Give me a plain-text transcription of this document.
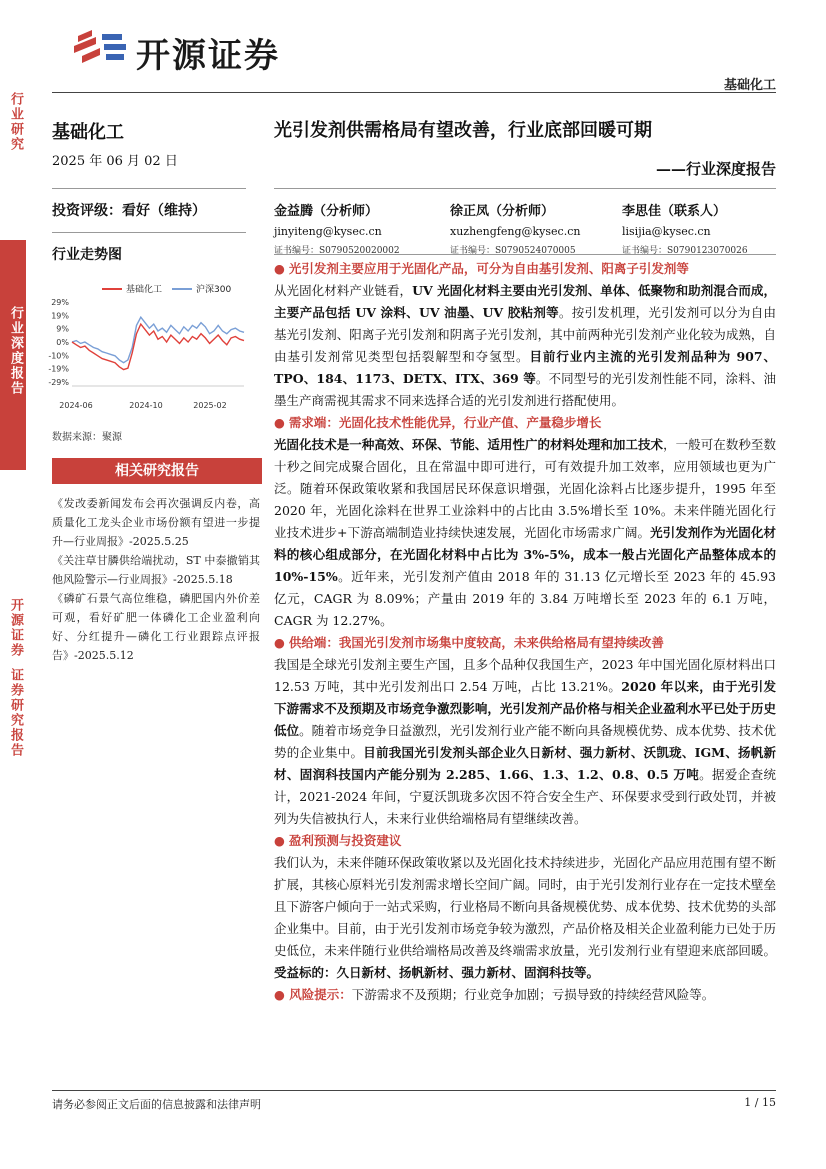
开源证券
基础化工
行业研究
行业深度报告
开源证券
证券研究报告
基础化工
2025 年 06 月 02 日
投资评级：看好（维持）
行业走势图
基础化工	沪深300
29%
19%
9%
0%
-10%
-19%
-29%
2024-06	2024-10	2025-02
数据来源：聚源
相关研究报告
《发改委新闻发布会再次强调反内卷，高质量化工龙头企业市场份额有望进一步提升—行业周报》-2025.5.25
《关注草甘膦供给端扰动，ST 中泰撤销其他风险警示—行业周报》-2025.5.18
《磷矿石景气高位维稳，磷肥国内外价差可观，看好矿肥一体磷化工企业盈利向好、分红提升—磷化工行业跟踪点评报告》-2025.5.12
光引发剂供需格局有望改善，行业底部回暖可期
——行业深度报告
金益腾（分析师）
jinyiteng@kysec.cn
证书编号：S0790520020002
徐正凤（分析师）
xuzhengfeng@kysec.cn
证书编号：S0790524070005
李思佳（联系人）
lisijia@kysec.cn
证书编号：S0790123070026

● 光引发剂主要应用于光固化产品，可分为自由基引发剂、阳离子引发剂等

从光固化材料产业链看，UV 光固化材料主要由光引发剂、单体、低聚物和助剂混合而成，主要产品包括 UV 涂料、UV 油墨、UV 胶粘剂等。按引发机理，光引发剂可以分为自由基光引发剂、阳离子光引发剂和阴离子光引发剂，其中前两种光引发剂产业化较为成熟，自由基引发剂常见类型包括裂解型和夺氢型。目前行业内主流的光引发剂品种为 907、TPO、184、1173、DETX、ITX、369 等。不同型号的光引发剂性能不同，涂料、油墨生产商需视其需求不同来选择合适的光引发剂进行搭配使用。

● 需求端：光固化技术性能优异，行业产值、产量稳步增长

光固化技术是一种高效、环保、节能、适用性广的材料处理和加工技术，一般可在数秒至数十秒之间完成聚合固化，且在常温中即可进行，可有效提升加工效率，应用领域也更为广泛。随着环保政策收紧和我国居民环保意识增强，光固化涂料占比逐步提升，1995 年至 2020 年，光固化涂料在世界工业涂料中的占比由 3.5%增长至 10%。未来伴随光固化行业技术进步+下游高端制造业持续快速发展，光固化市场需求广阔。光引发剂作为光固化材料的核心组成部分，在光固化材料中占比为 3%-5%，成本一般占光固化产品整体成本的 10%-15%。近年来，光引发剂产值由 2018 年的 31.13 亿元增长至 2023 年的 45.93 亿元，CAGR 为 8.09%；产量由 2019 年的 3.84 万吨增长至 2023 年的 6.1 万吨，CAGR 为 12.27%。

● 供给端：我国光引发剂市场集中度较高，未来供给格局有望持续改善

我国是全球光引发剂主要生产国，且多个品种仅我国生产，2023 年中国光固化原材料出口 12.53 万吨，其中光引发剂出口 2.54 万吨，占比 13.21%。2020 年以来，由于光引发下游需求不及预期及市场竞争激烈影响，光引发剂产品价格与相关企业盈利水平已处于历史低位。随着市场竞争日益激烈，光引发剂行业产能不断向具备规模优势、成本优势、技术优势的企业集中。目前我国光引发剂头部企业久日新材、强力新材、沃凯珑、IGM、扬帆新材、固润科技国内产能分别为 2.285、1.66、1.3、1.2、0.8、0.5 万吨。据爱企查统计，2021-2024 年间，宁夏沃凯珑多次因不符合安全生产、环保要求受到行政处罚，并被列为失信被执行人，未来行业供给端格局有望继续改善。

● 盈利预测与投资建议

我们认为，未来伴随环保政策收紧以及光固化技术持续进步，光固化产品应用范围有望不断扩展，其核心原料光引发剂需求增长空间广阔。同时，由于光引发剂行业存在一定技术壁垒且下游客户倾向于一站式采购，行业格局不断向具备规模优势、成本优势、技术优势的头部企业集中。目前，由于光引发剂市场竞争较为激烈，产品价格及相关企业盈利能力已处于历史低位，未来伴随行业供给端格局改善及终端需求放量，光引发剂行业有望迎来底部回暖。受益标的：久日新材、扬帆新材、强力新材、固润科技等。

● 风险提示：下游需求不及预期；行业竞争加剧；亏损导致的持续经营风险等。

请务必参阅正文后面的信息披露和法律声明	1 / 15
